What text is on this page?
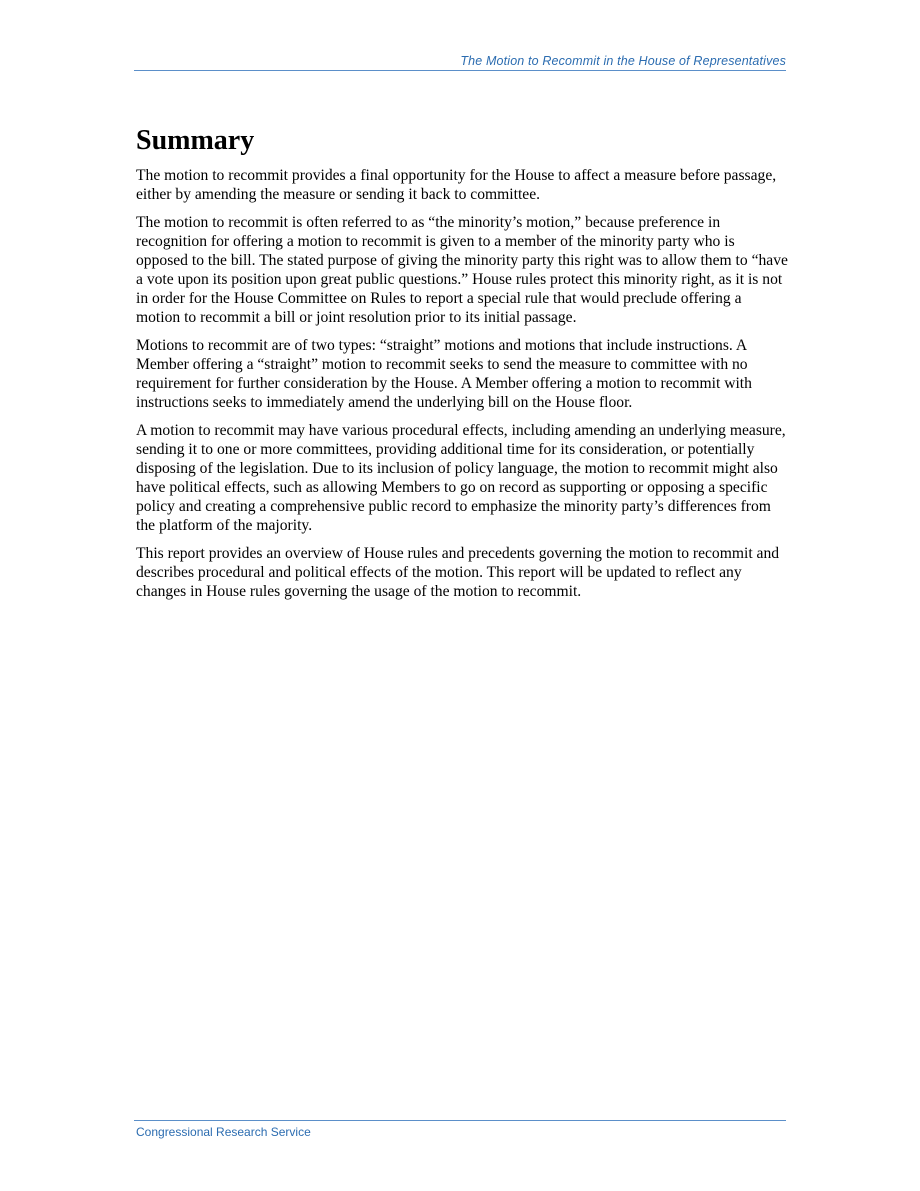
The Motion to Recommit in the House of Representatives
Summary

The motion to recommit provides a final opportunity for the House to affect a measure before passage, either by amending the measure or sending it back to committee.

The motion to recommit is often referred to as “the minority’s motion,” because preference in recognition for offering a motion to recommit is given to a member of the minority party who is opposed to the bill. The stated purpose of giving the minority party this right was to allow them to “have a vote upon its position upon great public questions.” House rules protect this minority right, as it is not in order for the House Committee on Rules to report a special rule that would preclude offering a motion to recommit a bill or joint resolution prior to its initial passage.

Motions to recommit are of two types: “straight” motions and motions that include instructions. A Member offering a “straight” motion to recommit seeks to send the measure to committee with no requirement for further consideration by the House. A Member offering a motion to recommit with instructions seeks to immediately amend the underlying bill on the House floor.

A motion to recommit may have various procedural effects, including amending an underlying measure, sending it to one or more committees, providing additional time for its consideration, or potentially disposing of the legislation. Due to its inclusion of policy language, the motion to recommit might also have political effects, such as allowing Members to go on record as supporting or opposing a specific policy and creating a comprehensive public record to emphasize the minority party’s differences from the platform of the majority.

This report provides an overview of House rules and precedents governing the motion to recommit and describes procedural and political effects of the motion. This report will be updated to reflect any changes in House rules governing the usage of the motion to recommit.

Congressional Research Service
